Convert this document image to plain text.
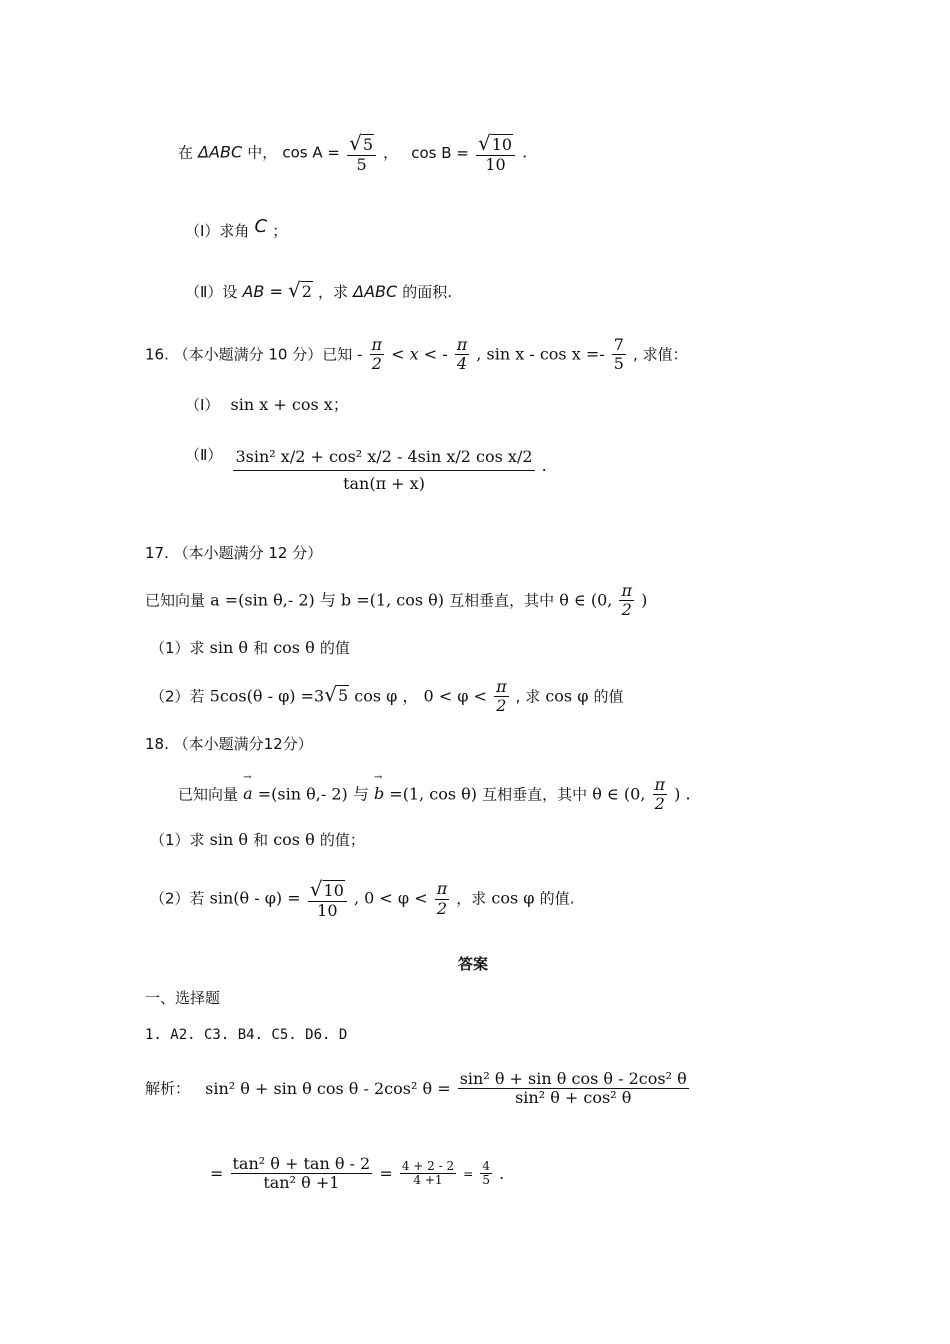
在 ΔABC 中， $\cos A = \frac{√5}{5}$ ， $\cos B = \frac{√10}{10}$ .
（Ⅰ）求角 C ；
（Ⅱ）设 AB = √2 ，求 ΔABC 的面积.
16. （本小题满分 10 分）已知 - $\frac{\pi}{2} < x$ < - $\frac{\pi}{4}$ , $\sin x - \cos x =- \frac{7}{5}$ , 求值：
（Ⅰ） sin x + cos x；
（Ⅱ） $\frac{\text{3sin² x/2 + cos² x/2 - 4sin x/2 cos x/2}}{\tan(\pi + x)}$ .
17. （本小题满分 12 分）
已知向量 a =(sin θ,- 2) 与 b =(1, cos θ) 互相垂直，其中 θ ∈ (0, $\frac{\pi}{2}$ )
（1）求 sin θ 和 cos θ 的值
（2）若 5cos(θ - φ) =3√5 cos φ ， $0 < \varphi < \frac{\pi}{2}$ , 求 cos φ 的值
18. （本小题满分12分）
已知向量 → a =(sin θ,- 2) 与 → b =(1, cos θ) 互相垂直，其中 θ ∈ (0, $\frac{\pi}{2}$ ) .
（1）求 sin θ 和 cos θ 的值；
（2）若 $\sin(\theta - \varphi) = \frac{√10}{10}$ , $0 < \varphi < \frac{\pi}{2}$ ，求 cos φ 的值.
答案
一、选择题
1. A2. C3. B4. C5. D6. D
解析： sin² θ + sin θ cos θ - 2cos² $\theta = \frac{\text{sin² θ + sin θ cos θ - 2cos² θ}}{\text{sin² θ + cos² θ}}$
= $\frac{\text{tan² θ + tan θ - 2}}{\text{tan² θ +1}} = \frac{4 + 2 - 2}{4 +1} = \frac{4}{5}$ .
